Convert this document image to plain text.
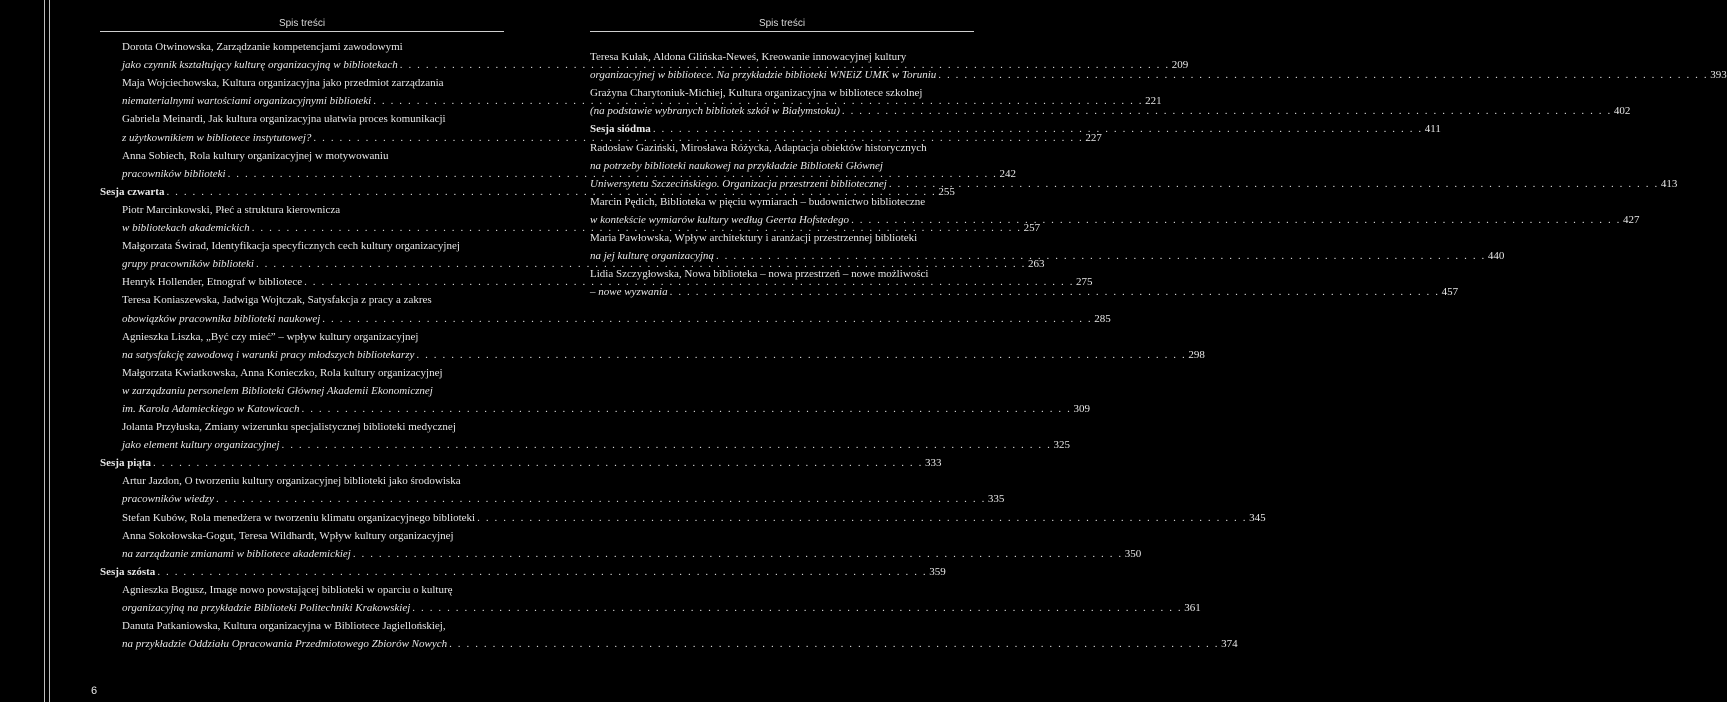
Spis treści
Dorota Otwinowska, Zarządzanie kompetencjami zawodowymi
jako czynnik kształtujący kulturę organizacyjną w bibliotekach . . .	209
Maja Wojciechowska, Kultura organizacyjna jako przedmiot zarządzania
niematerialnymi wartościami organizacyjnymi biblioteki . . .	221
Gabriela Meinardi, Jak kultura organizacyjna ułatwia proces komunikacji
z użytkownikiem w bibliotece instytutowej? . . .	227
Anna Sobiech, Rola kultury organizacyjnej w motywowaniu
pracowników biblioteki . . .	242
Sesja czwarta . . .	255
Piotr Marcinkowski, Płeć a struktura kierownicza
w bibliotekach akademickich . . .	257
Małgorzata Świrad, Identyfikacja specyficznych cech kultury organizacyjnej
grupy pracowników biblioteki . . .	263
Henryk Hollender, Etnograf w bibliotece . . .	275
Teresa Koniaszewska, Jadwiga Wojtczak, Satysfakcja z pracy a zakres
obowiązków pracownika biblioteki naukowej . . .	285
Agnieszka Liszka, „Być czy mieć” – wpływ kultury organizacyjnej
na satysfakcję zawodową i warunki pracy młodszych bibliotekarzy . . .	298
Małgorzata Kwiatkowska, Anna Konieczko, Rola kultury organizacyjnej
w zarządzaniu personelem Biblioteki Głównej Akademii Ekonomicznej
im. Karola Adamieckiego w Katowicach . . .	309
Jolanta Przyłuska, Zmiany wizerunku specjalistycznej biblioteki medycznej
jako element kultury organizacyjnej . . .	325
Sesja piąta . . .	333
Artur Jazdon, O tworzeniu kultury organizacyjnej biblioteki jako środowiska
pracowników wiedzy . . .	335
Stefan Kubów, Rola menedżera w tworzeniu klimatu organizacyjnego biblioteki . . .	345
Anna Sokołowska-Gogut, Teresa Wildhardt, Wpływ kultury organizacyjnej
na zarządzanie zmianami w bibliotece akademickiej . . .	350
Sesja szósta . . .	359
Agnieszka Bogusz, Image nowo powstającej biblioteki w oparciu o kulturę
organizacyjną na przykładzie Biblioteki Politechniki Krakowskiej . . .	361
Danuta Patkaniowska, Kultura organizacyjna w Bibliotece Jagiellońskiej,
na przykładzie Oddziału Opracowania Przedmiotowego Zbiorów Nowych . . .	374
Spis treści
Teresa Kułak, Aldona Glińska-Neweś, Kreowanie innowacyjnej kultury
organizacyjnej w bibliotece. Na przykładzie biblioteki WNEiZ UMK w Toruniu . . .	393
Grażyna Charytoniuk-Michiej, Kultura organizacyjna w bibliotece szkolnej
(na podstawie wybranych bibliotek szkół w Białymstoku) . . .	402
Sesja siódma . . .	411
Radosław Gaziński, Mirosława Różycka, Adaptacja obiektów historycznych
na potrzeby biblioteki naukowej na przykładzie Biblioteki Głównej
Uniwersytetu Szczecińskiego. Organizacja przestrzeni bibliotecznej . . .	413
Marcin Pędich, Biblioteka w pięciu wymiarach – budownictwo biblioteczne
w kontekście wymiarów kultury według Geerta Hofstedego . . .	427
Maria Pawłowska, Wpływ architektury i aranżacji przestrzennej biblioteki
na jej kulturę organizacyjną . . .	440
Lidia Szczygłowska, Nowa biblioteka – nowa przestrzeń – nowe możliwości
– nowe wyzwania . . .	457
6
